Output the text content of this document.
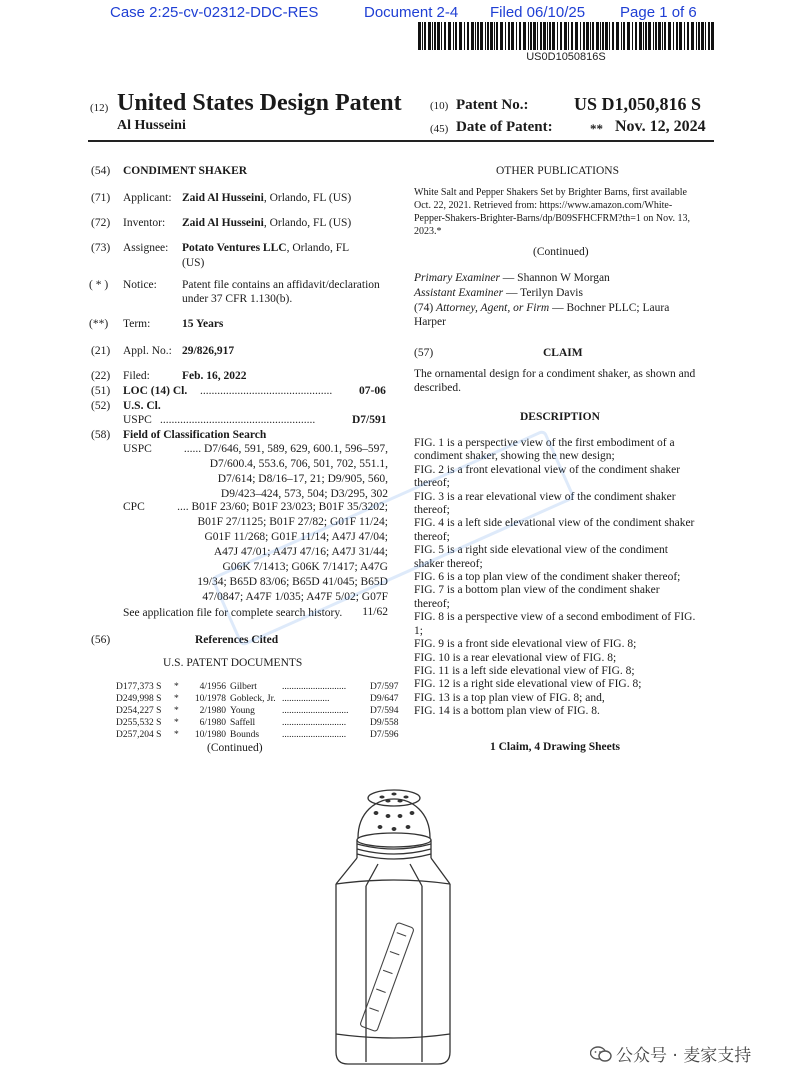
Case 2:25-cv-02312-DDC-RES	Document 2-4 Filed 06/10/25 Page 1 of 6
US0D1050816S
(12) United States Design Patent
Al Husseini
(10) Patent No.:	US D1,050,816 S
(45) Date of Patent:	** Nov. 12, 2024
(54) CONDIMENT SHAKER
(71) Applicant: Zaid Al Husseini, Orlando, FL (US)
(72) Inventor: Zaid Al Husseini, Orlando, FL (US)
(73) Assignee: Potato Ventures LLC, Orlando, FL
(US)
( * ) Notice: Patent file contains an affidavit/declaration
under 37 CFR 1.130(b).
(**) Term:	15 Years
(21) Appl. No.: 29/826,917
(22) Filed:	Feb. 16, 2022
(51) LOC (14) Cl. ..............................................	07-06
(52) U.S. Cl.
USPC ......................................................	D7/591
(58) Field of Classification Search
USPC	...... D7/646, 591, 589, 629, 600.1, 596–597,
D7/600.4, 553.6, 706, 501, 702, 551.1,
D7/614; D8/16–17, 21; D9/905, 560,
D9/423–424, 573, 504; D3/295, 302
CPC	.... B01F 23/60; B01F 23/023; B01F 35/3202;
B01F 27/1125; B01F 27/82; G01F 11/24;
G01F 11/268; G01F 11/14; A47J 47/04;
A47J 47/01; A47J 47/16; A47J 31/44;
G06K 7/1413; G06K 7/1417; A47G
19/34; B65D 83/06; B65D 41/045; B65D
47/0847; A47F 1/035; A47F 5/02; G07F
11/62
See application file for complete search history.
(56)	References Cited
U.S. PATENT DOCUMENTS
D177,373 S	*	4/1956	Gilbert	...........................	D7/597
D249,998 S	*	10/1978	Gobleck, Jr.	....................	D9/647
D254,227 S	*	2/1980	Young	............................	D7/594
D255,532 S	*	6/1980	Saffell	...........................	D9/558
D257,204 S	*	10/1980	Bounds	...........................	D7/596
(Continued)
OTHER PUBLICATIONS
White Salt and Pepper Shakers Set by Brighter Barns, first available
Oct. 22, 2021. Retrieved from: https://www.amazon.com/White-
Pepper-Shakers-Brighter-Barns/dp/B09SFHCFRM?th=1 on Nov. 13,
2023.*
(Continued)
Primary Examiner — Shannon W Morgan
Assistant Examiner — Terilyn Davis
(74) Attorney, Agent, or Firm — Bochner PLLC; Laura
Harper
(57)	CLAIM
The ornamental design for a condiment shaker, as shown and
described.
DESCRIPTION
FIG. 1 is a perspective view of the first embodiment of a
condiment shaker, showing the new design;
FIG. 2 is a front elevational view of the condiment shaker
thereof;
FIG. 3 is a rear elevational view of the condiment shaker
thereof;
FIG. 4 is a left side elevational view of the condiment shaker
thereof;
FIG. 5 is a right side elevational view of the condiment
shaker thereof;
FIG. 6 is a top plan view of the condiment shaker thereof;
FIG. 7 is a bottom plan view of the condiment shaker
thereof;
FIG. 8 is a perspective view of a second embodiment of FIG.
1;
FIG. 9 is a front side elevational view of FIG. 8;
FIG. 10 is a rear elevational view of FIG. 8;
FIG. 11 is a left side elevational view of FIG. 8;
FIG. 12 is a right side elevational view of FIG. 8;
FIG. 13 is a top plan view of FIG. 8; and,
FIG. 14 is a bottom plan view of FIG. 8.
1 Claim, 4 Drawing Sheets
公众号 · 麦家支持
